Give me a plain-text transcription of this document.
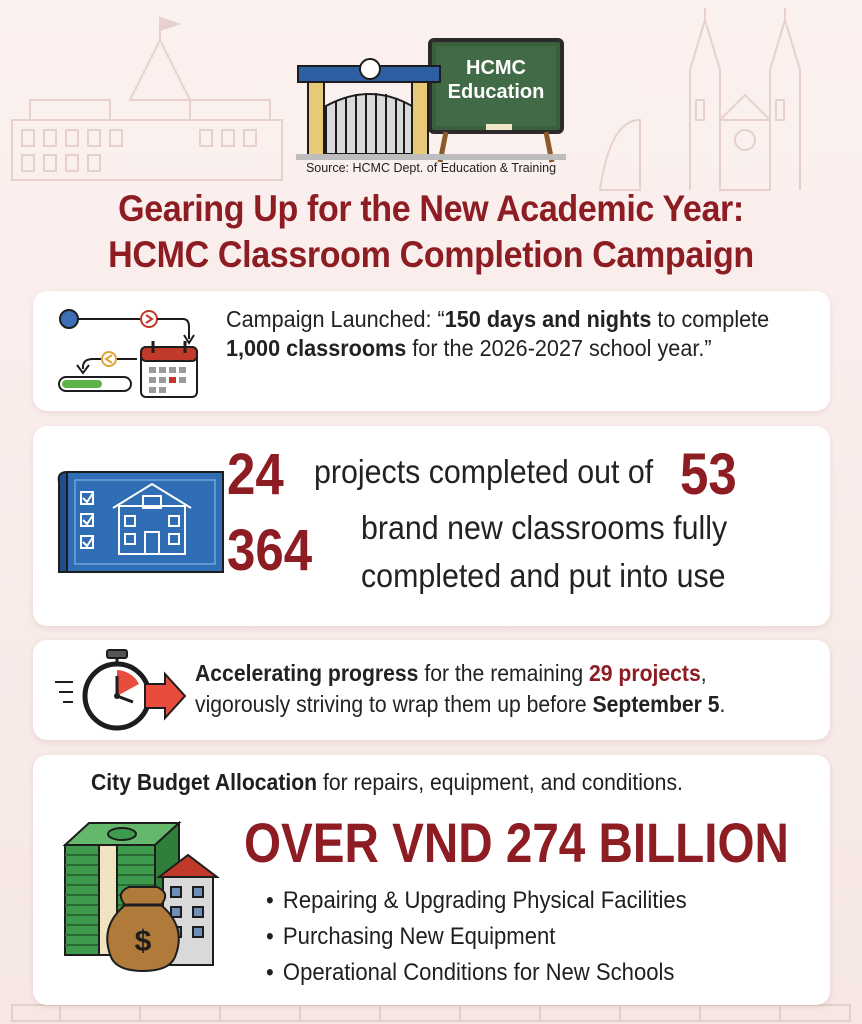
HCMC
Education
Source: HCMC Dept. of Education & Training
Gearing Up for the New Academic Year:
HCMC Classroom Completion Campaign
Campaign Launched: “150 days and nights to complete 1,000 classrooms for the 2026-2027 school year.”
24 projects completed out of 53
364 brand new classrooms fully
completed and put into use
Accelerating progress for the remaining 29 projects, vigorously striving to wrap them up before September 5.
City Budget Allocation for repairs, equipment, and conditions.
OVER VND 274 BILLION
$
• Repairing & Upgrading Physical Facilities
• Purchasing New Equipment
• Operational Conditions for New Schools
